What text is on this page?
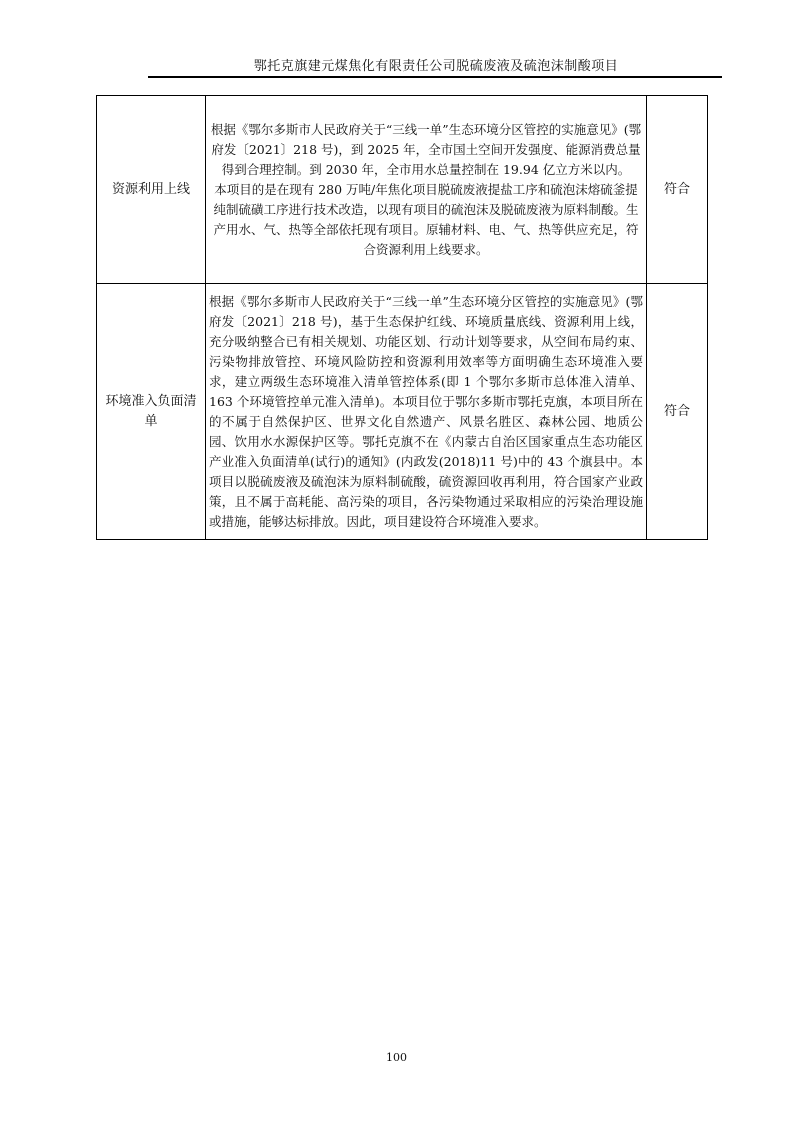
鄂托克旗建元煤焦化有限责任公司脱硫废液及硫泡沫制酸项目
资源利用上线	根据《鄂尔多斯市人民政府关于“三线一单”生态环境分区管控的实施意见》(鄂府发〔2021〕218 号)，到 2025 年，全市国土空间开发强度、能源消费总量得到合理控制。到 2030 年，全市用水总量控制在 19.94 亿立方米以内。
本项目的是在现有 280 万吨/年焦化项目脱硫废液提盐工序和硫泡沫熔硫釜提纯制硫磺工序进行技术改造，以现有项目的硫泡沫及脱硫废液为原料制酸。生产用水、气、热等全部依托现有项目。原辅材料、电、气、热等供应充足，符合资源利用上线要求。	符合
环境准入负面清单	根据《鄂尔多斯市人民政府关于“三线一单”生态环境分区管控的实施意见》(鄂府发〔2021〕218 号)，基于生态保护红线、环境质量底线、资源利用上线，充分吸纳整合已有相关规划、功能区划、行动计划等要求，从空间布局约束、污染物排放管控、环境风险防控和资源利用效率等方面明确生态环境准入要求，建立两级生态环境准入清单管控体系(即 1 个鄂尔多斯市总体准入清单、163 个环境管控单元准入清单)。本项目位于鄂尔多斯市鄂托克旗，本项目所在的不属于自然保护区、世界文化自然遗产、风景名胜区、森林公园、地质公园、饮用水水源保护区等。鄂托克旗不在《内蒙古自治区国家重点生态功能区产业准入负面清单(试行)的通知》(内政发(2018)11 号)中的 43 个旗县中。本项目以脱硫废液及硫泡沫为原料制硫酸，硫资源回收再利用，符合国家产业政策，且不属于高耗能、高污染的项目，各污染物通过采取相应的污染治理设施或措施，能够达标排放。因此，项目建设符合环境准入要求。	符合
100
